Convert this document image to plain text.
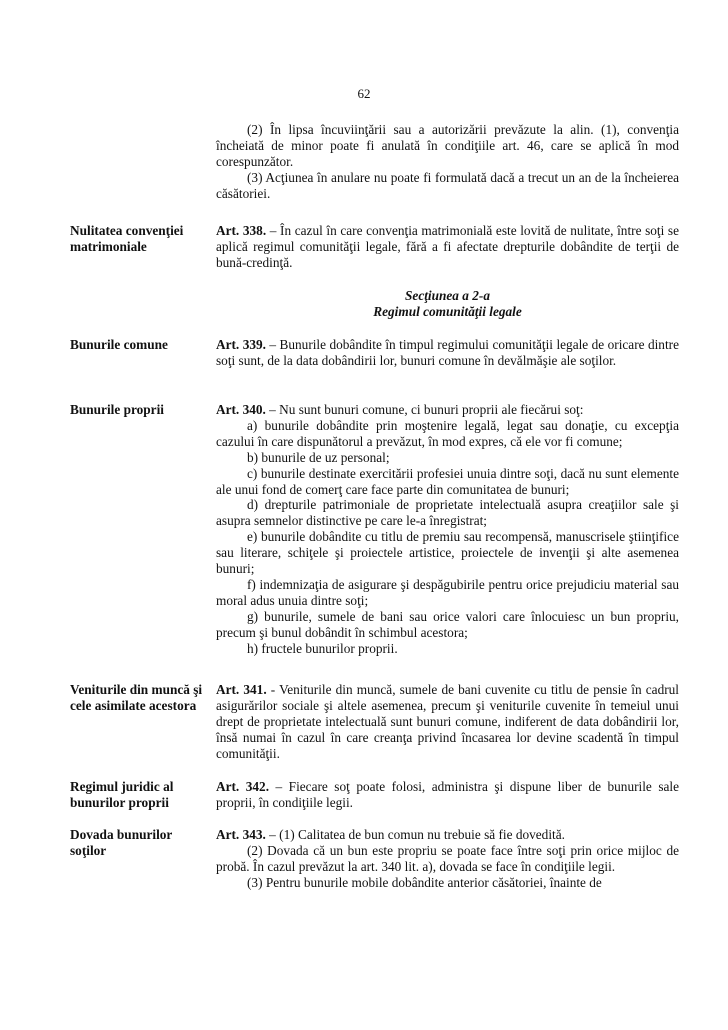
62

(2) În lipsa încuviinţării sau a autorizării prevăzute la alin. (1), convenţia încheiată de minor poate fi anulată în condiţiile art. 46, care se aplică în mod corespunzător.

(3) Acţiunea în anulare nu poate fi formulată dacă a trecut un an de la încheierea căsătoriei.

Nulitatea convenţiei matrimoniale

Art. 338. – În cazul în care convenţia matrimonială este lovită de nulitate, între soţi se aplică regimul comunităţii legale, fără a fi afectate drepturile dobândite de terţii de bună-credinţă.

Secţiunea a 2-a
Regimul comunităţii legale
Bunurile comune	Art. 339. – Bunurile dobândite în timpul regimului comunităţii legale de oricare dintre soţi sunt, de la data dobândirii lor, bunuri comune în devălmăşie ale soţilor.

Bunurile proprii	Art. 340. – Nu sunt bunuri comune, ci bunuri proprii ale fiecărui soţ:

a) bunurile dobândite prin moştenire legală, legat sau donaţie, cu excepţia cazului în care dispunătorul a prevăzut, în mod expres, că ele vor fi comune;

b) bunurile de uz personal;

c) bunurile destinate exercitării profesiei unuia dintre soţi, dacă nu sunt elemente ale unui fond de comerţ care face parte din comunitatea de bunuri;

d) drepturile patrimoniale de proprietate intelectuală asupra creaţiilor sale şi asupra semnelor distinctive pe care le-a înregistrat;

e) bunurile dobândite cu titlu de premiu sau recompensă, manuscrisele ştiinţifice sau literare, schiţele şi proiectele artistice, proiectele de invenţii şi alte asemenea bunuri;

f) indemnizaţia de asigurare şi despăgubirile pentru orice prejudiciu material sau moral adus unuia dintre soţi;

g) bunurile, sumele de bani sau orice valori care înlocuiesc un bun propriu, precum şi bunul dobândit în schimbul acestora;

h) fructele bunurilor proprii.

Veniturile din muncă şi cele asimilate acestora

Art. 341. - Veniturile din muncă, sumele de bani cuvenite cu titlu de pensie în cadrul asigurărilor sociale şi altele asemenea, precum şi veniturile cuvenite în temeiul unui drept de proprietate intelectuală sunt bunuri comune, indiferent de data dobândirii lor, însă numai în cazul în care creanţa privind încasarea lor devine scadentă în timpul comunităţii.

Regimul juridic al bunurilor proprii

Art. 342. – Fiecare soţ poate folosi, administra şi dispune liber de bunurile sale proprii, în condiţiile legii.

Dovada bunurilor soţilor

Art. 343. – (1) Calitatea de bun comun nu trebuie să fie dovedită.

(2) Dovada că un bun este propriu se poate face între soţi prin orice mijloc de probă. În cazul prevăzut la art. 340 lit. a), dovada se face în condiţiile legii.

(3) Pentru bunurile mobile dobândite anterior căsătoriei, înainte de
